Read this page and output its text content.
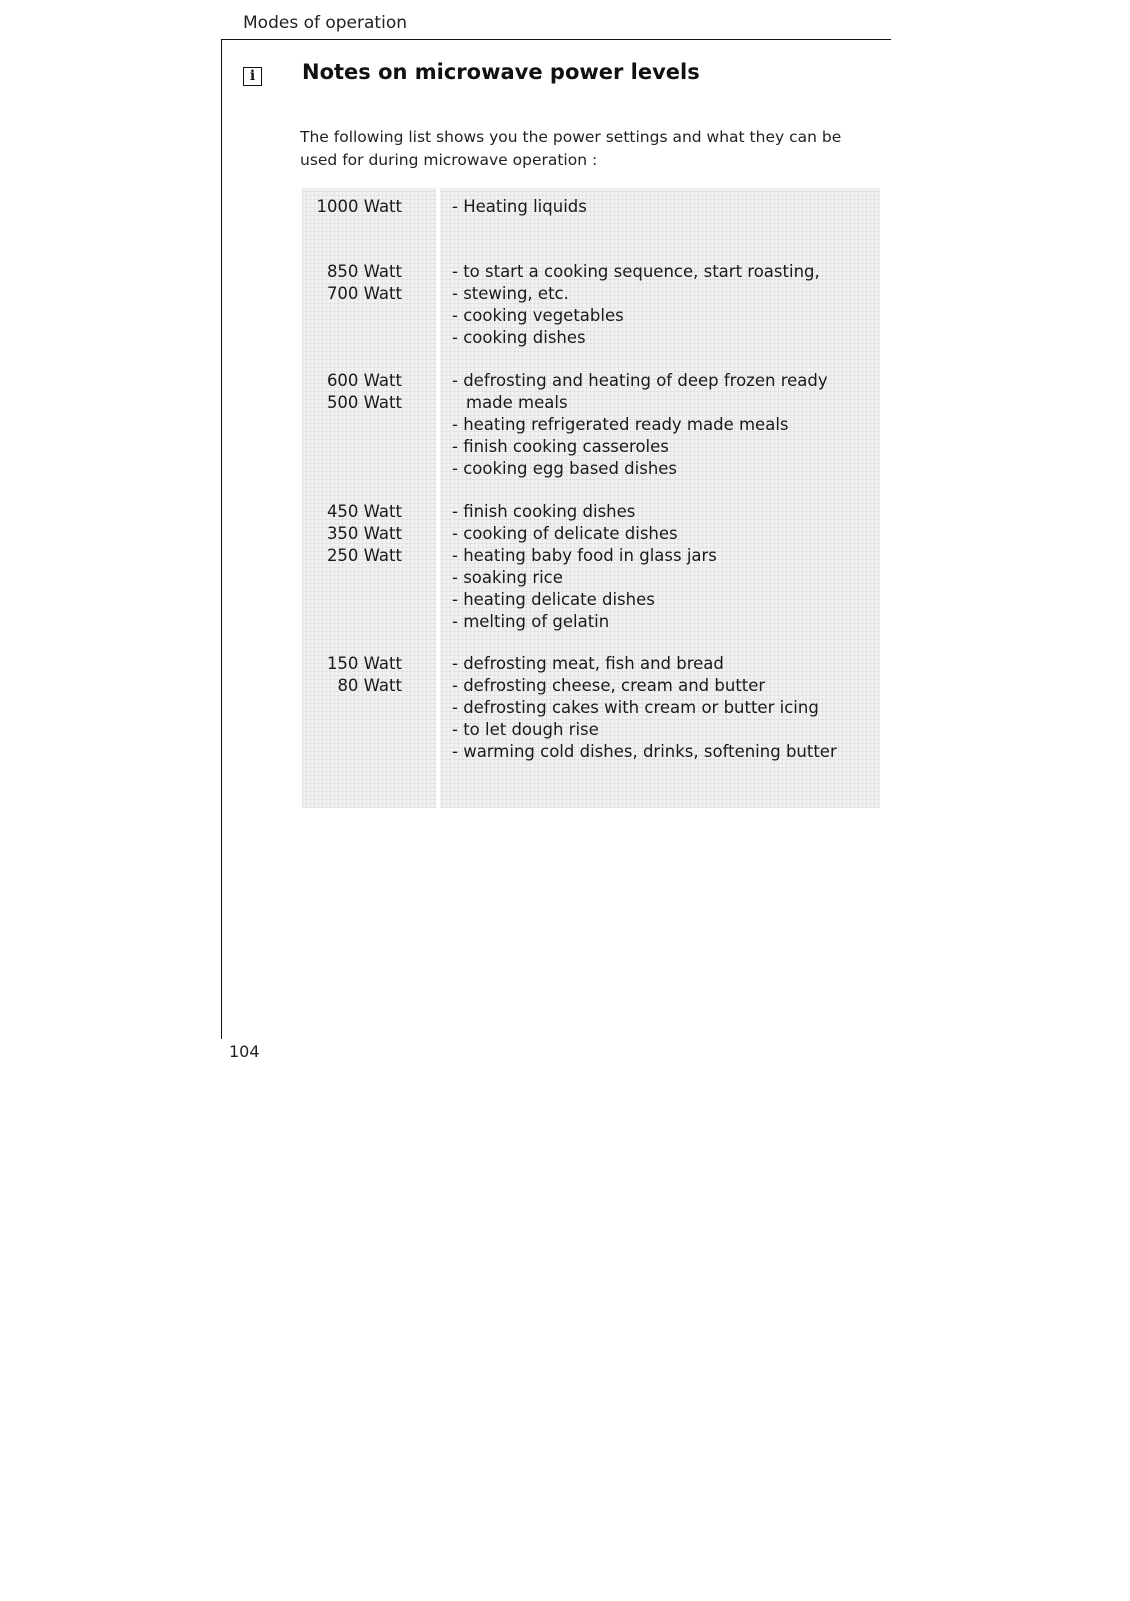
Modes of operation
i	Notes on microwave power levels

The following list shows you the power settings and what they can be used for during microwave operation :

1000 Watt	- Heating liquids
850 Watt
700 Watt
- to start a cooking sequence, start roasting,
- stewing, etc.
- cooking vegetables
- cooking dishes
600 Watt
500 Watt
- defrosting and heating of deep frozen ready
made meals
- heating refrigerated ready made meals
- finish cooking casseroles
- cooking egg based dishes
450 Watt
350 Watt
250 Watt
- finish cooking dishes
- cooking of delicate dishes
- heating baby food in glass jars
- soaking rice
- heating delicate dishes
- melting of gelatin
150 Watt
80 Watt
- defrosting meat, fish and bread
- defrosting cheese, cream and butter
- defrosting cakes with cream or butter icing
- to let dough rise
- warming cold dishes, drinks, softening butter
104
